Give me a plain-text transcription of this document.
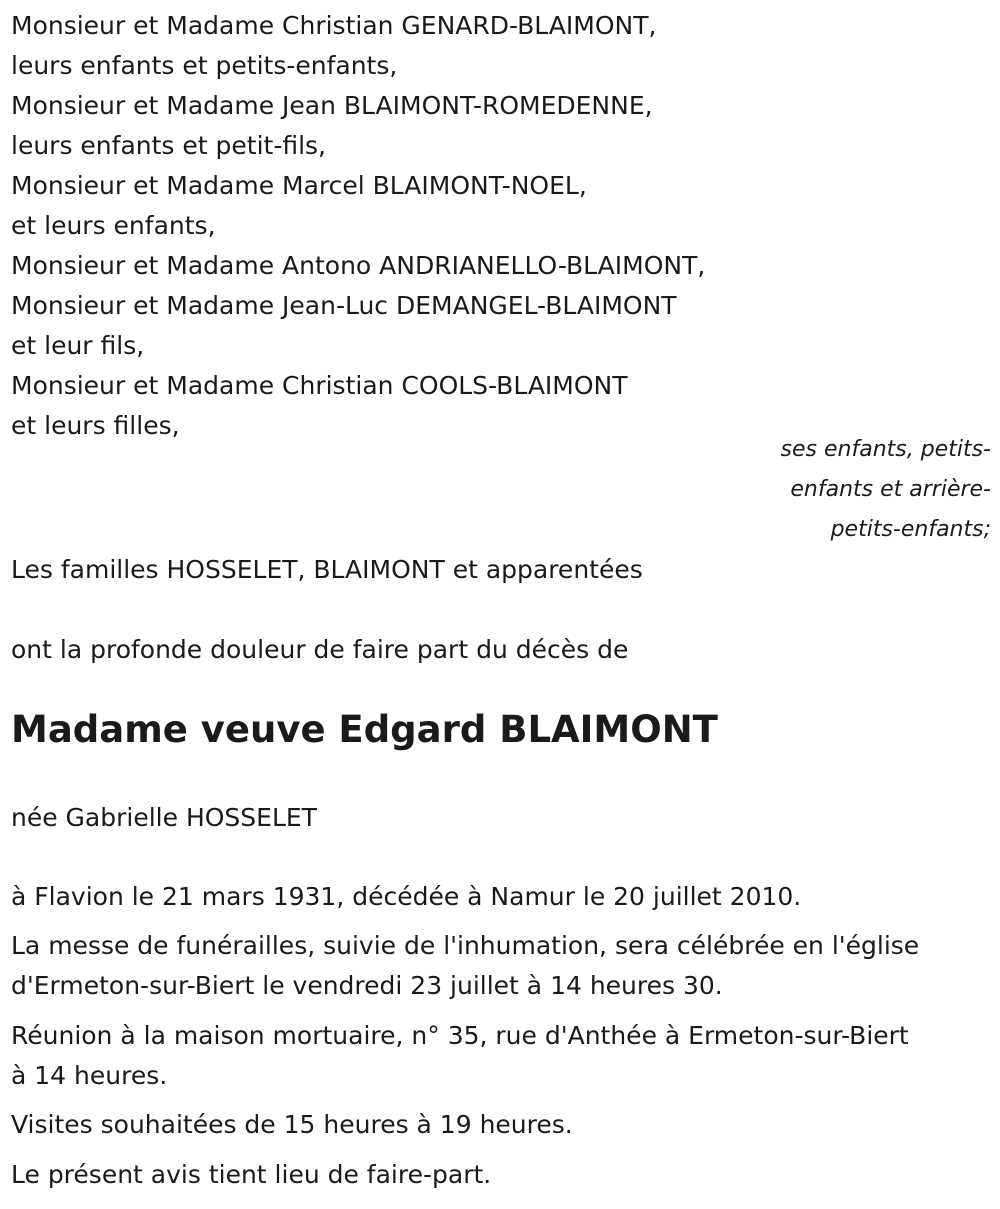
Monsieur et Madame Christian GENARD-BLAIMONT,
leurs enfants et petits-enfants,
Monsieur et Madame Jean BLAIMONT-ROMEDENNE,
leurs enfants et petit-fils,
Monsieur et Madame Marcel BLAIMONT-NOEL,
et leurs enfants,
Monsieur et Madame Antono ANDRIANELLO-BLAIMONT,
Monsieur et Madame Jean-Luc DEMANGEL-BLAIMONT
et leur fils,
Monsieur et Madame Christian COOLS-BLAIMONT
et leurs filles,
ses enfants, petits-
enfants et arrière-
petits-enfants;
Les familles HOSSELET, BLAIMONT et apparentées
ont la profonde douleur de faire part du décès de
Madame veuve Edgard BLAIMONT
née Gabrielle HOSSELET
à Flavion le 21 mars 1931, décédée à Namur le 20 juillet 2010.
La messe de funérailles, suivie de l'inhumation, sera célébrée en l'église
d'Ermeton-sur-Biert le vendredi 23 juillet à 14 heures 30.
Réunion à la maison mortuaire, n° 35, rue d'Anthée à Ermeton-sur-Biert
à 14 heures.
Visites souhaitées de 15 heures à 19 heures.
Le présent avis tient lieu de faire-part.
